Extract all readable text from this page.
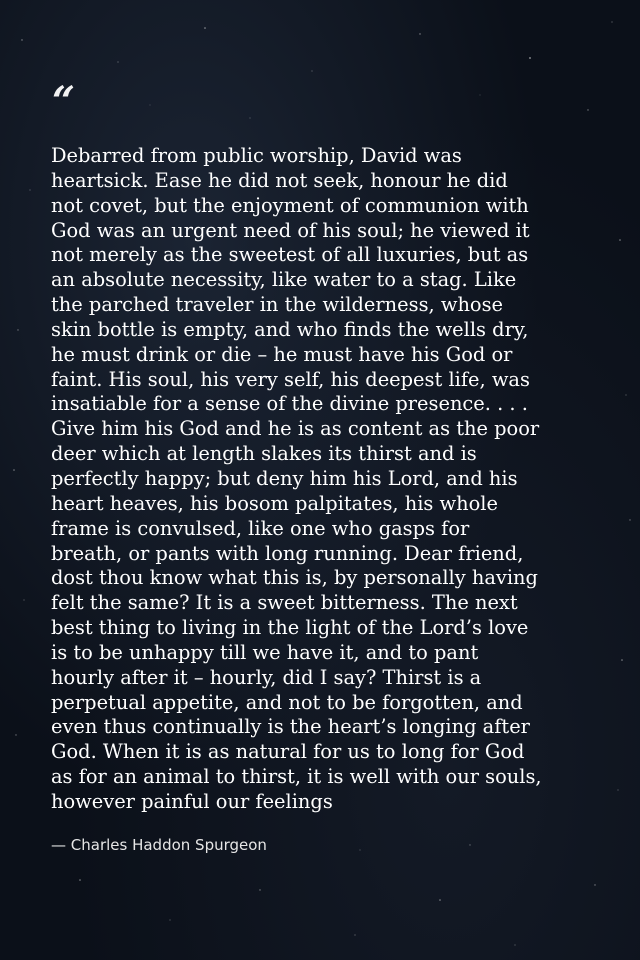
“

Debarred from public worship, David was
heartsick. Ease he did not seek, honour he did
not covet, but the enjoyment of communion with
God was an urgent need of his soul; he viewed it
not merely as the sweetest of all luxuries, but as
an absolute necessity, like water to a stag. Like
the parched traveler in the wilderness, whose
skin bottle is empty, and who finds the wells dry,
he must drink or die – he must have his God or
faint. His soul, his very self, his deepest life, was
insatiable for a sense of the divine presence. . . .
Give him his God and he is as content as the poor
deer which at length slakes its thirst and is
perfectly happy; but deny him his Lord, and his
heart heaves, his bosom palpitates, his whole
frame is convulsed, like one who gasps for
breath, or pants with long running. Dear friend,
dost thou know what this is, by personally having
felt the same? It is a sweet bitterness. The next
best thing to living in the light of the Lord’s love
is to be unhappy till we have it, and to pant
hourly after it – hourly, did I say? Thirst is a
perpetual appetite, and not to be forgotten, and
even thus continually is the heart’s longing after
God. When it is as natural for us to long for God
as for an animal to thirst, it is well with our souls,
however painful our feelings

— Charles Haddon Spurgeon
